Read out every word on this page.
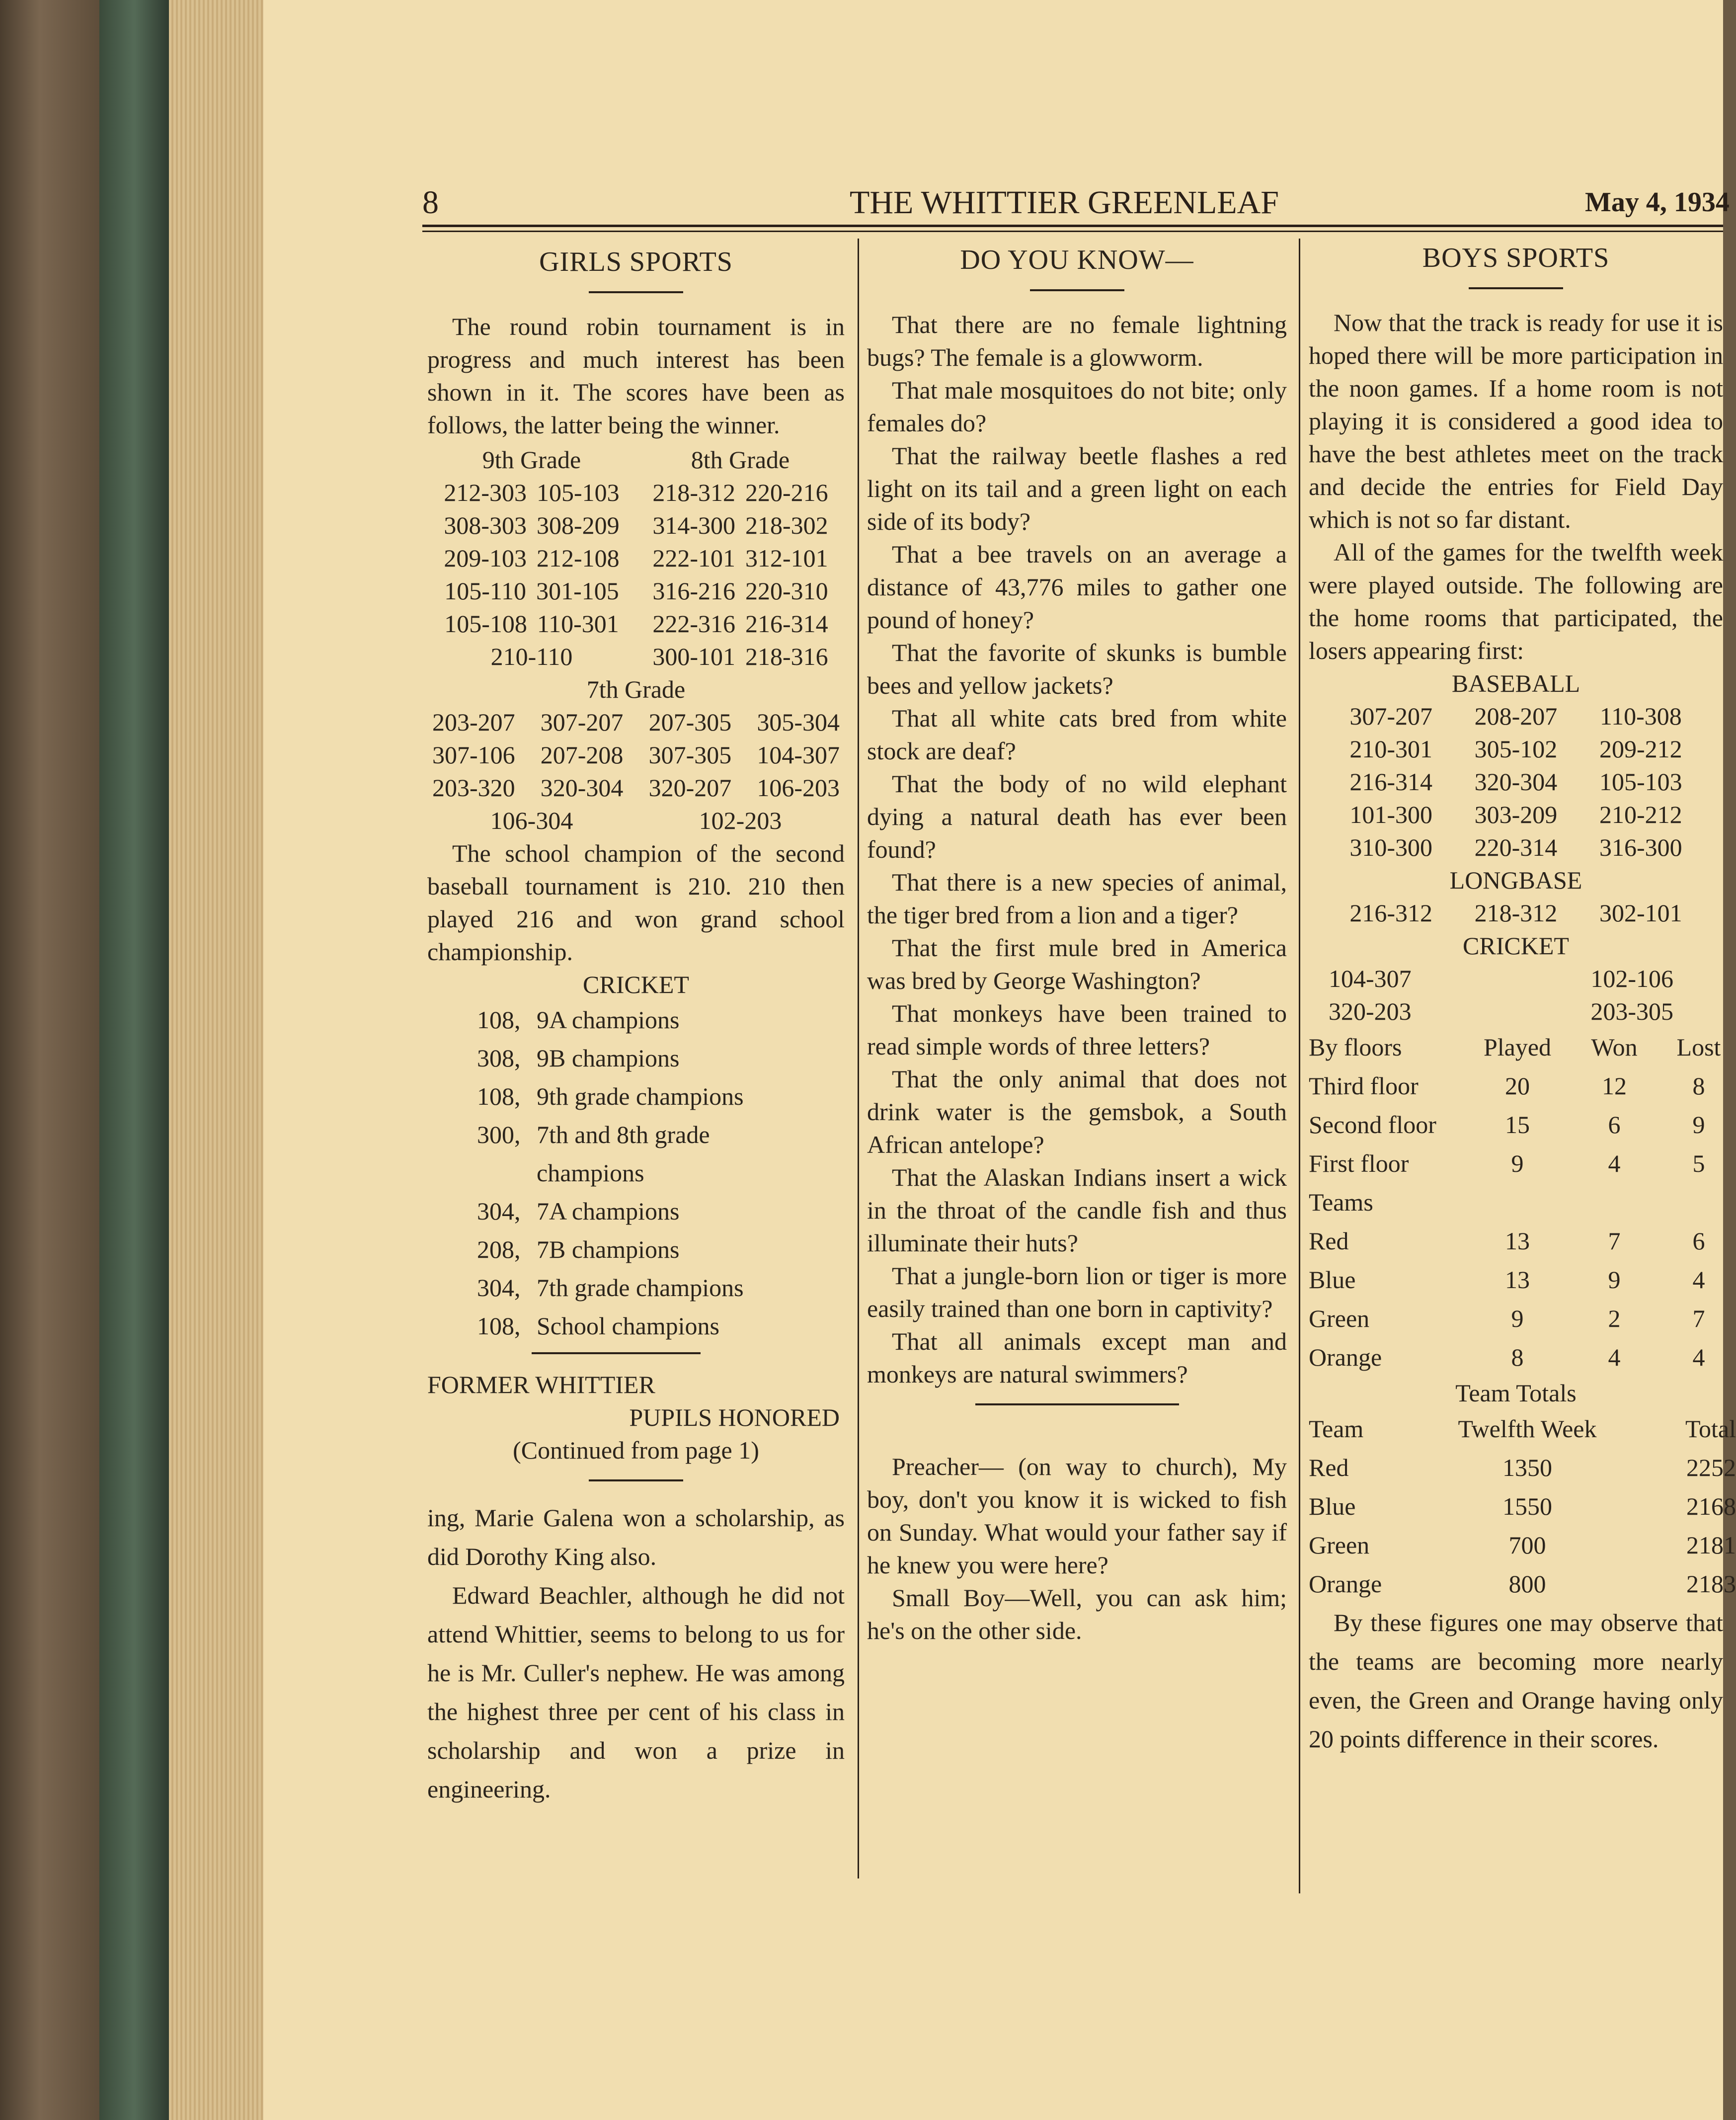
8	THE WHITTIER GREENLEAF	May 4, 1934
GIRLS SPORTS

The round robin tournament is in progress and much interest has been shown in it. The scores have been as follows, the latter being the winner.

9th Grade
212-303 105-103
308-303 308-209
209-103 212-108
105-110 301-105
105-108 110-301
210-110
8th Grade
218-312 220-216
314-300 218-302
222-101 312-101
316-216 220-310
222-316 216-314
300-101 218-316
7th Grade
203-207 307-207 207-305 305-304
307-106 207-208 307-305 104-307
203-320 320-304 320-207 106-203
106-304	102-203

The school champion of the second baseball tournament is 210. 210 then played 216 and won grand school championship.

CRICKET
108, 9A champions
308, 9B champions
108, 9th grade champions
300, 7th and 8th grade champions
304, 7A champions
208, 7B champions
304, 7th grade champions
108, School champions
FORMER WHITTIER
PUPILS HONORED
(Continued from page 1)

ing, Marie Galena won a scholarship, as did Dorothy King also.

Edward Beachler, although he did not attend Whittier, seems to belong to us for he is Mr. Culler's nephew. He was among the highest three per cent of his class in scholarship and won a prize in engineering.

DO YOU KNOW—

That there are no female lightning bugs? The female is a glowworm.

That male mosquitoes do not bite; only females do?

That the railway beetle flashes a red light on its tail and a green light on each side of its body?

That a bee travels on an average a distance of 43,776 miles to gather one pound of honey?

That the favorite of skunks is bumble bees and yellow jackets?

That all white cats bred from white stock are deaf?

That the body of no wild elephant dying a natural death has ever been found?

That there is a new species of animal, the tiger bred from a lion and a tiger?

That the first mule bred in America was bred by George Washington?

That monkeys have been trained to read simple words of three letters?

That the only animal that does not drink water is the gemsbok, a South African antelope?

That the Alaskan Indians insert a wick in the throat of the candle fish and thus illuminate their huts?

That a jungle-born lion or tiger is more easily trained than one born in captivity?

That all animals except man and monkeys are natural swimmers?

Preacher— (on way to church), My boy, don't you know it is wicked to fish on Sunday. What would your father say if he knew you were here?

Small Boy—Well, you can ask him; he's on the other side.

BOYS SPORTS

Now that the track is ready for use it is hoped there will be more participation in the noon games. If a home room is not playing it is considered a good idea to have the best athletes meet on the track and decide the entries for Field Day which is not so far distant.

All of the games for the twelfth week were played outside. The following are the home rooms that participated, the losers appearing first:

BASEBALL
307-207	208-207	110-308
210-301	305-102	209-212
216-314	320-304	105-103
101-300	303-209	210-212
310-300	220-314	316-300
LONGBASE
216-312	218-312	302-101
CRICKET
104-307	102-106
320-203	203-305
By floors	Played	Won	Lost
Third floor	20	12	8
Second floor	15	6	9
First floor	9	4	5
Teams
Red	13	7	6
Blue	13	9	4
Green	9	2	7
Orange	8	4	4
Team Totals
Team	Twelfth Week	Total
Red	1350	2252
Blue	1550	2168
Green	700	2181
Orange	800	2183

By these figures one may observe that the teams are becoming more nearly even, the Green and Orange having only 20 points difference in their scores.
